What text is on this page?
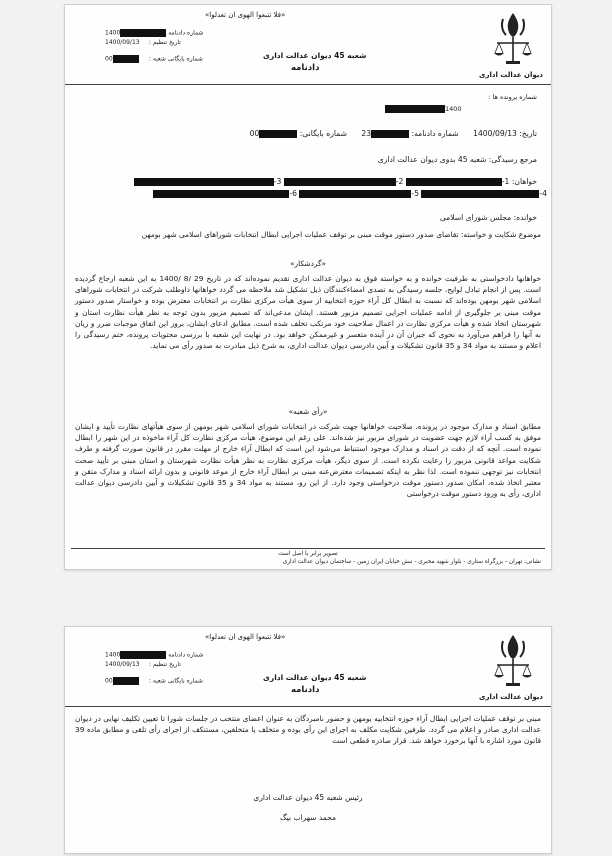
دیوان عدالت اداری
«فلا تتبعوا الهوی ان تعدلوا»
شعبه 45 دیوان عدالت اداری
دادنامه
شماره دادنامه 1400
تاریخ تنظیم : 1400/09/13
شماره بایگانی شعبه : 00
شماره پرونده ها :
1400
تاریخ: 1400/09/13      شماره دادنامه: 23      شماره بایگانی: 00
مرجع رسیدگی: شعبه 45 بدوی دیوان عدالت اداری
خواهان: 1- 2- 3-
4- 5- 6-
خوانده: مجلس شورای اسلامی
موضوع شکایت و خواسته: تقاضای صدور دستور موقت مبنی بر توقف عملیات اجرایی ابطال انتخابات شوراهای اسلامی شهر بومهن
«گردشکار»
خواهانها دادخواستی به طرفیت خوانده و به خواسته فوق به دیوان عدالت اداری تقدیم نموده‌اند که در تاریخ 29 /8 /1400 به این شعبه ارجاع گردیده است. پس از انجام تبادل لوایح، جلسه رسیدگی به تصدی امضاءکنندگان ذیل تشکیل شد ملاحظه می گردد خواهانها داوطلب شرکت در انتخابات شوراهای اسلامی شهر بومهن بوده‌اند که نسبت به ابطال کل آراء حوزه انتخابیه از سوی هیأت مرکزی نظارت بر انتخابات معترض بوده و خواستار صدور دستور موقت مبنی بر جلوگیری از ادامه عملیات اجرایی تصمیم مزبور هستند. ایشان مدعی‌اند که تصمیم مزبور بدون توجه به نظر هیأت نظارت استان و شهرستان اتخاذ شده و هیأت مرکزی نظارت در اعمال صلاحیت خود مرتکب تخلف شده است. مطابق ادعای ایشان، بروز این اتفاق موجبات ضرر و زیان به آنها را فراهم می‌آورد به نحوی که جبران آن در آینده متعسر و غیرممکن خواهد بود. در نهایت این شعبه با بررسی محتویات پرونده، ختم رسیدگی را اعلام و مستند به مواد 34 و 35 قانون تشکیلات و آیین دادرسی دیوان عدالت اداری، به شرح ذیل مبادرت به صدور رأی می نماید.
«رأی شعبه»
مطابق اسناد و مدارک موجود در پرونده، صلاحیت خواهانها جهت شرکت در انتخابات شورای اسلامی شهر بومهن از سوی هیأتهای نظارت تأیید و ایشان موفق به کسب آراء لازم جهت عضویت در شورای مزبور نیز شده‌اند. علی رغم این موضوع، هیأت مرکزی نظارت کل آراء ماخوذه در این شهر را ابطال نموده است. آنچه که از دقت در اسناد و مدارک موجود استنباط می‌شود این است که ابطال آراء خارج از مهلت مقرر در قانون صورت گرفته و طرف شکایت مواعد قانونی مزبور را رعایت نکرده است. از سوی دیگر، هیأت مرکزی نظارت به نظر هیأت نظارت شهرستان و استان مبنی بر تأیید صحت انتخابات نیز توجهی ننموده است. لذا نظر به اینکه تصمیمات معترض‌عنه مبنی بر ابطال آراء خارج از موعد قانونی و بدون ارائه اسناد و مدارک متقن و معتبر اتخاذ شده، امکان صدور دستور موقت درخواستی وجود دارد. از این رو، مستند به مواد 34 و 35 قانون تشکیلات و آیین دادرسی دیوان عدالت اداری، رأی به ورود دستور موقت درخواستی
تصویر برابر با اصل است
نشانی: تهران - بزرگراه ستاری - بلوار شهید مخبری - نبش خیابان ایران زمین - ساختمان دیوان عدالت اداری
دیوان عدالت اداری
«فلا تتبعوا الهوی ان تعدلوا»
شعبه 45 دیوان عدالت اداری
دادنامه
شماره دادنامه 1400
تاریخ تنظیم : 1400/09/13
شماره بایگانی شعبه : 00
مبنی بر توقف عملیات اجرایی ابطال آراء حوزه انتخابیه بومهن و حضور نامبردگان به عنوان اعضای منتخب در جلسات شورا تا تعیین تکلیف نهایی در دیوان عدالت اداری صادر و اعلام می گردد. طرفین شکایت مکلف به اجرای این رأی بوده و متخلف یا متخلفین، مستنکف از اجرای رأی تلقی و مطابق ماده 39 قانون مورد اشاره با آنها برخورد خواهد شد. قرار صادره قطعی است
رئیس شعبه 45 دیوان عدالت اداری
محمد سهراب بیگ
